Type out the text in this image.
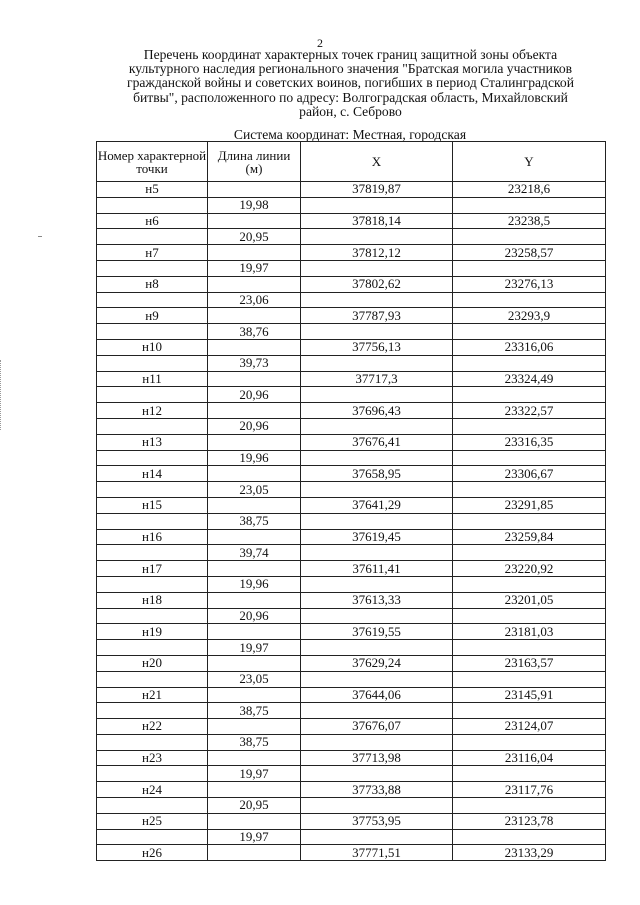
2
Перечень координат характерных точек границ защитной зоны объекта
культурного наследия регионального значения "Братская могила участников
гражданской войны и советских воинов, погибших в период Сталинградской
битвы", расположенного по адресу: Волгоградская область, Михайловский
район, с. Себрово
Система координат: Местная, городская
Номер характерной точки	Длина линии (м)	X	Y
н5		37819,87	23218,6
	19,98		
н6		37818,14	23238,5
	20,95		
н7		37812,12	23258,57
	19,97		
н8		37802,62	23276,13
	23,06		
н9		37787,93	23293,9
	38,76		
н10		37756,13	23316,06
	39,73		
н11		37717,3	23324,49
	20,96		
н12		37696,43	23322,57
	20,96		
н13		37676,41	23316,35
	19,96		
н14		37658,95	23306,67
	23,05		
н15		37641,29	23291,85
	38,75		
н16		37619,45	23259,84
	39,74		
н17		37611,41	23220,92
	19,96		
н18		37613,33	23201,05
	20,96		
н19		37619,55	23181,03
	19,97		
н20		37629,24	23163,57
	23,05		
н21		37644,06	23145,91
	38,75		
н22		37676,07	23124,07
	38,75		
н23		37713,98	23116,04
	19,97		
н24		37733,88	23117,76
	20,95		
н25		37753,95	23123,78
	19,97		
н26		37771,51	23133,29
